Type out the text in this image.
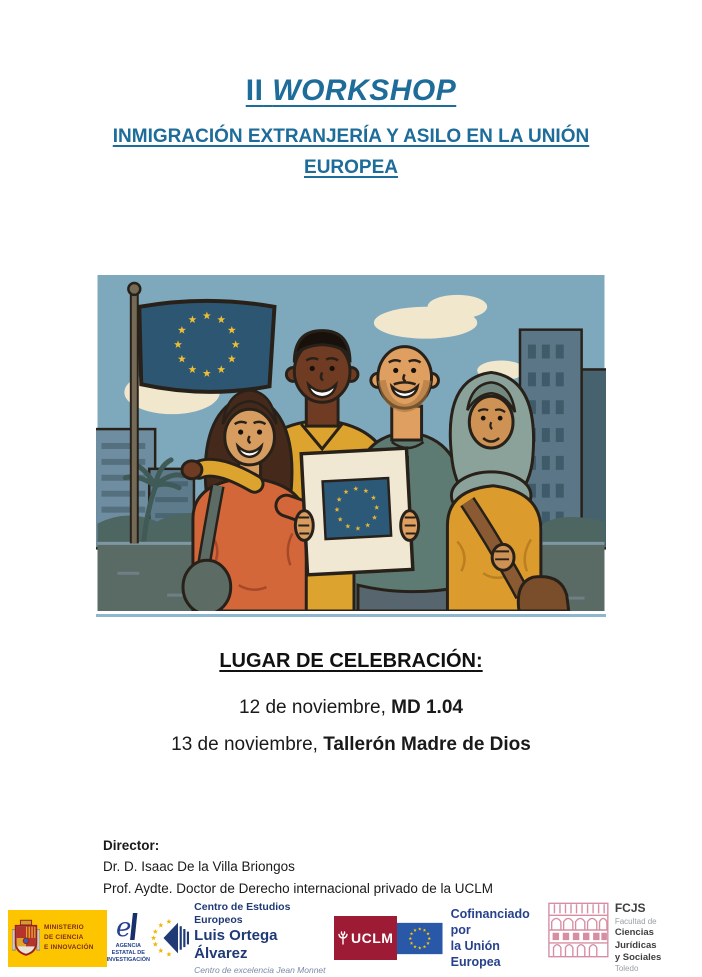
II WORKSHOP
INMIGRACIÓN EXTRANJERÍA Y ASILO EN LA UNIÓN EUROPEA
LUGAR DE CELEBRACIÓN:
12 de noviembre, MD 1.04
13 de noviembre, Tallerón Madre de Dios
Director:
Dr. D. Isaac De la Villa Briongos
Prof. Aydte. Doctor de Derecho internacional privado de la UCLM
MINISTERIO
DE CIENCIA
E INNOVACIÓN
e
AGENCIA
ESTATAL DE
INVESTIGACIÓN
Centro de Estudios Europeos
Luis Ortega Álvarez
Centro de excelencia Jean Monnet
UCLM
Cofinanciado por
la Unión Europea
FCJS
Facultad de
Ciencias Jurídicas
y Sociales
Toledo
